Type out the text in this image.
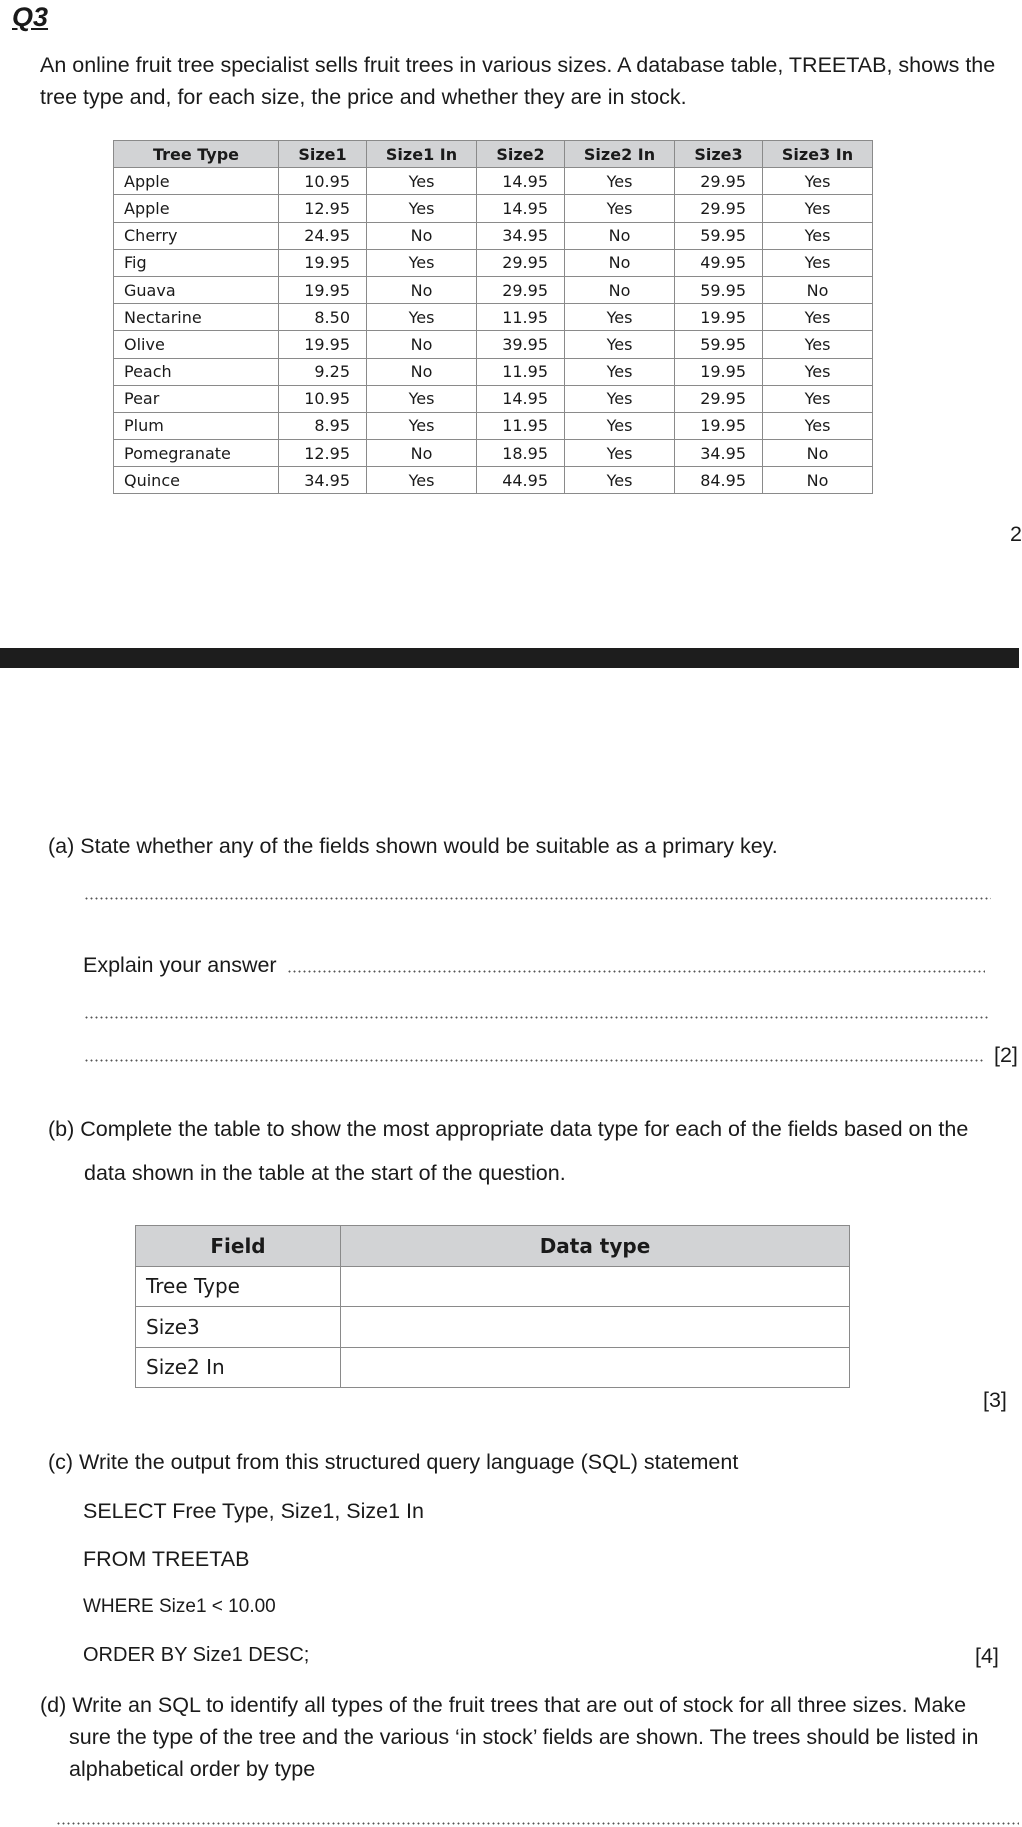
Q3
An online fruit tree specialist sells fruit trees in various sizes. A database table, TREETAB, shows the
tree type and, for each size, the price and whether they are in stock.
Tree Type	Size1	Size1 In	Size2	Size2 In	Size3	Size3 In
Apple	10.95	Yes	14.95	Yes	29.95	Yes
Apple	12.95	Yes	14.95	Yes	29.95	Yes
Cherry	24.95	No	34.95	No	59.95	Yes
Fig	19.95	Yes	29.95	No	49.95	Yes
Guava	19.95	No	29.95	No	59.95	No
Nectarine	8.50	Yes	11.95	Yes	19.95	Yes
Olive	19.95	No	39.95	Yes	59.95	Yes
Peach	9.25	No	11.95	Yes	19.95	Yes
Pear	10.95	Yes	14.95	Yes	29.95	Yes
Plum	8.95	Yes	11.95	Yes	19.95	Yes
Pomegranate	12.95	No	18.95	Yes	34.95	No
Quince	34.95	Yes	44.95	Yes	84.95	No
2
(a) State whether any of the fields shown would be suitable as a primary key.
Explain your answer
[2]
(b) Complete the table to show the most appropriate data type for each of the fields based on the
data shown in the table at the start of the question.
Field	Data type
Tree Type	
Size3	
Size2 In	
[3]
(c) Write the output from this structured query language (SQL) statement
SELECT Free Type, Size1, Size1 In
FROM TREETAB
WHERE Size1 < 10.00
ORDER BY Size1 DESC;	[4]
(d) Write an SQL to identify all types of the fruit trees that are out of stock for all three sizes. Make
sure the type of the tree and the various ‘in stock’ fields are shown. The trees should be listed in
alphabetical order by type
